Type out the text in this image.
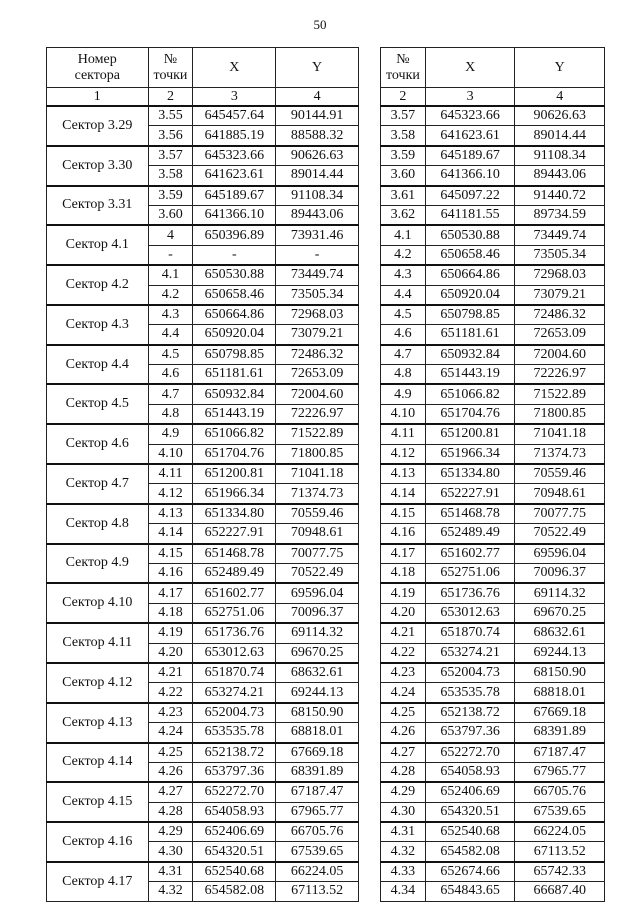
50
Номер
сектора	№
точки	X	Y
1	2	3	4
Сектор 3.29	3.55	645457.64	90144.91
	3.56	641885.19	88588.32
Сектор 3.30	3.57	645323.66	90626.63
	3.58	641623.61	89014.44
Сектор 3.31	3.59	645189.67	91108.34
	3.60	641366.10	89443.06
Сектор 4.1	4	650396.89	73931.46
	-	-	-
Сектор 4.2	4.1	650530.88	73449.74
	4.2	650658.46	73505.34
Сектор 4.3	4.3	650664.86	72968.03
	4.4	650920.04	73079.21
Сектор 4.4	4.5	650798.85	72486.32
	4.6	651181.61	72653.09
Сектор 4.5	4.7	650932.84	72004.60
	4.8	651443.19	72226.97
Сектор 4.6	4.9	651066.82	71522.89
	4.10	651704.76	71800.85
Сектор 4.7	4.11	651200.81	71041.18
	4.12	651966.34	71374.73
Сектор 4.8	4.13	651334.80	70559.46
	4.14	652227.91	70948.61
Сектор 4.9	4.15	651468.78	70077.75
	4.16	652489.49	70522.49
Сектор 4.10	4.17	651602.77	69596.04
	4.18	652751.06	70096.37
Сектор 4.11	4.19	651736.76	69114.32
	4.20	653012.63	69670.25
Сектор 4.12	4.21	651870.74	68632.61
	4.22	653274.21	69244.13
Сектор 4.13	4.23	652004.73	68150.90
	4.24	653535.78	68818.01
Сектор 4.14	4.25	652138.72	67669.18
	4.26	653797.36	68391.89
Сектор 4.15	4.27	652272.70	67187.47
	4.28	654058.93	67965.77
Сектор 4.16	4.29	652406.69	66705.76
	4.30	654320.51	67539.65
Сектор 4.17	4.31	652540.68	66224.05
	4.32	654582.08	67113.52
№
точки	X	Y
2	3	4
3.57	645323.66	90626.63
3.58	641623.61	89014.44
3.59	645189.67	91108.34
3.60	641366.10	89443.06
3.61	645097.22	91440.72
3.62	641181.55	89734.59
4.1	650530.88	73449.74
4.2	650658.46	73505.34
4.3	650664.86	72968.03
4.4	650920.04	73079.21
4.5	650798.85	72486.32
4.6	651181.61	72653.09
4.7	650932.84	72004.60
4.8	651443.19	72226.97
4.9	651066.82	71522.89
4.10	651704.76	71800.85
4.11	651200.81	71041.18
4.12	651966.34	71374.73
4.13	651334.80	70559.46
4.14	652227.91	70948.61
4.15	651468.78	70077.75
4.16	652489.49	70522.49
4.17	651602.77	69596.04
4.18	652751.06	70096.37
4.19	651736.76	69114.32
4.20	653012.63	69670.25
4.21	651870.74	68632.61
4.22	653274.21	69244.13
4.23	652004.73	68150.90
4.24	653535.78	68818.01
4.25	652138.72	67669.18
4.26	653797.36	68391.89
4.27	652272.70	67187.47
4.28	654058.93	67965.77
4.29	652406.69	66705.76
4.30	654320.51	67539.65
4.31	652540.68	66224.05
4.32	654582.08	67113.52
4.33	652674.66	65742.33
4.34	654843.65	66687.40
